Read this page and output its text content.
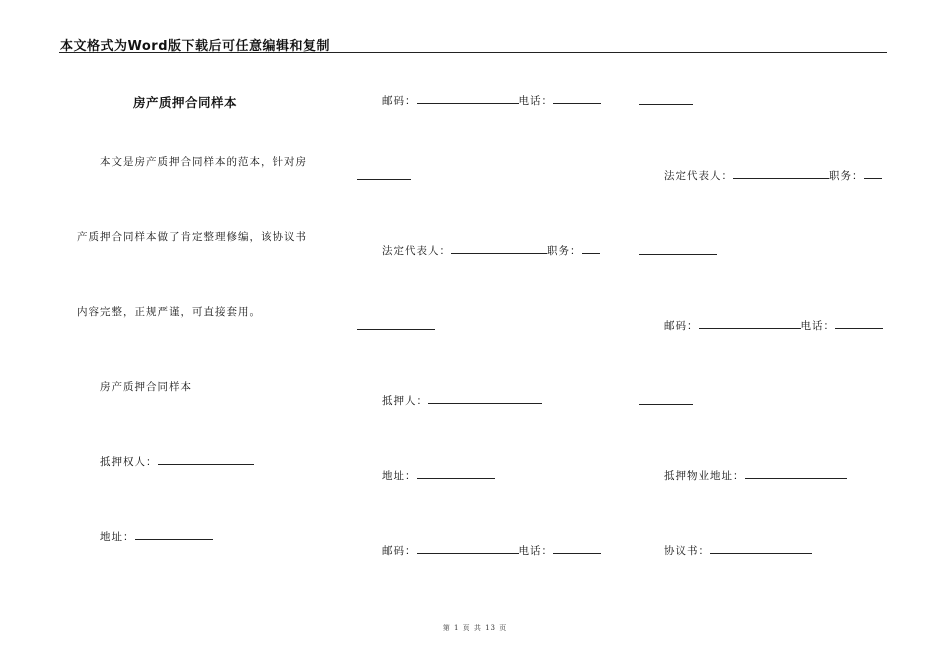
本文格式为Word版下载后可任意编辑和复制
房产质押合同样本
本文是房产质押合同样本的范本，针对房
产质押合同样本做了肯定整理修编，该协议书
内容完整，正规严谨，可直接套用。
房产质押合同样本
抵押权人：
地址：
邮码：	电话：
法定代表人：	职务：
抵押人：
地址：
邮码：	电话：
法定代表人：	职务：
邮码：	电话：
抵押物业地址：
协议书：
第 1 页 共 13 页
